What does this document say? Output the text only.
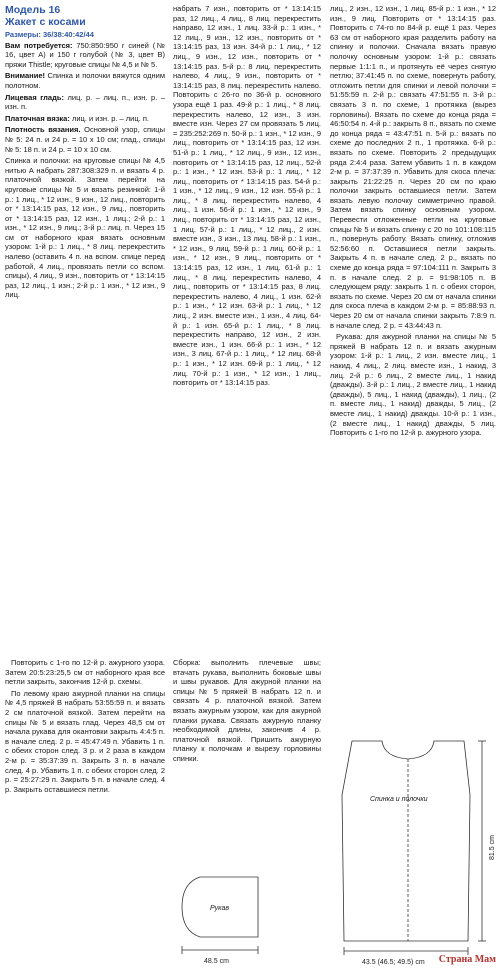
Модель 16
Жакет с косами
Размеры: 36/38:40:42/44
Вам потребуется: 750:850:950 г синей (№ 16, цвет А) и 150 г голубой (№ 3, цвет В) пряжи Thistle; круговые спицы № 4,5 и № 5.
Внимание! Спинка и полочки вяжутся одним полотном.
Лицевая гладь: лиц. р. – лиц. п., изн. р. – изн. п.
Платочная вязка: лиц. и изн. р. – лиц. п.
Плотность вязания. Основной узор, спицы № 5: 24 п. и 24 р. = 10 х 10 см; глад., спицы № 5: 18 п. и 24 р. = 10 х 10 см.

Спинка и полочки: на круговые спицы № 4,5 нитью А набрать 287:308:329 п. и вязать 4 р. платочной вязкой. Затем перейти на круговые спицы № 5 и вязать резинкой: 1-й р.: 1 лиц., * 12 изн., 9 изн., 12 лиц., повторить от * 13:14:15 раз, 12 изн., 9 лиц., повторить от * 13:14:15 раз, 12 изн., 1 лиц.; 2-й р.: 1 изн., * 12 изн., 9 лиц.; 3-й р.: лиц. п. Через 15 см от наборного края вязать основным узором: 1-й р.: 1 лиц., * 8 лиц. перекрестить налево (оставить 4 п. на вспом. спице перед работой, 4 лиц., провязать петли со вспом. спицы), 4 лиц., 9 изн., повторить от * 13:14:15 раз, 12 лиц., 1 изн.; 2-й р.: 1 изн., * 12 изн., 9 лиц.

Повторить с 1-го по 12-й р. ажурного узора. Затем 20:5:23:25,5 см от наборного края все петли закрыть, закончив 12-й р. схемы.

По левому краю ажурной планки на спицы № 4,5 пряжей В набрать 53:55:59 п. и вязать 2 см платочной вязкой. Затем перейти на спицы № 5 и вязать глад. Через 48,5 см от начала рукава для окантовки закрыть 4:4:5 п. в начале след. 2 р. = 45:47:49 п. Убавить 1 п. с обеих сторон след. 3 р. и 2 раза в каждом 2-м р. = 35:37:39 п. Закрыть 3 п. в начале след. 4 р. Убавить 1 п. с обеих сторон след. 2 р. = 25:27:29 п. Закрыть 5 п. в начале след. 4 р. Закрыть оставшиеся петли.

набрать 7 изн., повторить от * 13:14:15 раз, 12 лиц., 4 лиц., 8 лиц. перекрестить направо, 12 изн., 1 лиц. 33-й р.: 1 изн., * 12 лиц., 9 изн., 12 изн., повторить от * 13:14:15 раз, 13 изн. 34-й р.: 1 лиц., * 12 лиц., 9 изн., 12 изн., повторить от * 13:14:15 раз. 5-й р.: 8 лиц. перекрестить налево, 4 лиц., 9 изн., повторить от * 13:14:15 раз, 8 лиц. перекрестить налево. Повторить с 26-го по 36-й р. основного узора ещё 1 раз. 49-й р.: 1 лиц., * 8 лиц. перекрестить налево, 12 изн., 3 изн. вместе изн. Через 27 см провязать 5 лиц. = 235:252:269 п. 50-й р.: 1 изн., * 12 изн., 9 лиц., повторить от * 13:14:15 раз, 12 изн. 51-й р.: 1 лиц., * 12 лиц., 9 изн., 12 изн., повторить от * 13:14:15 раз, 12 лиц., 52-й р.: 1 изн., * 12 изн. 53-й р.: 1 лиц., * 12 лиц., повторить от * 13:14:15 раз. 54-й р.: 1 изн., * 12 лиц., 9 изн., 12 изн. 55-й р.: 1 лиц., * 8 лиц. перекрестить налево, 4 лиц., 1 изн. 56-й р.: 1 изн., * 12 изн., 9 лиц., повторить от * 13:14:15 раз, 12 изн., 1 лиц. 57-й р.: 1 лиц., * 12 лиц., 2 изн. вместе изн., 3 изн., 13 лиц. 58-й р.: 1 изн., * 12 изн., 9 лиц. 59-й р.: 1 лиц. 60-й р.: 1 изн., * 12 изн., 9 лиц., повторить от * 13:14:15 раз, 12 изн., 1 лиц. 61-й р.: 1 лиц., * 8 лиц. перекрестить налево, 4 лиц., повторить от * 13:14:15 раз, 8 лиц. перекрестить налево, 4 лиц., 1 изн. 62-й р.: 1 изн., * 12 изн. 63-й р.: 1 лиц., * 12 лиц., 2 изн. вместе изн., 1 изн., 4 лиц. 64-й р.: 1 изн. 65-й р.: 1 лиц., * 8 лиц. перекрестить направо, 12 изн., 2 изн. вместе изн., 1 изн. 66-й р.: 1 изн., * 12 изн., 3 лиц. 67-й р.: 1 лиц., * 12 лиц. 68-й р.: 1 изн., * 12 изн. 69-й р.: 1 лиц., * 12 лиц. 70-й р.: 1 изн., * 12 изн., 1 лиц., повторить от * 13:14:15 раз.

Сборка: выполнить плечевые швы; втачать рукава, выполнить боковые швы и швы рукавов. Для ажурной планки на спицы № 5 пряжей В набрать 12 п. и связать 4 р. платочной вязкой. Затем вязать ажурным узором, как для ажурной планки рукава. Связать ажурную планку необходимой длины, закончив 4 р. платочной вязкой. Пришить ажурную планку к полочкам и вырезу горловины спинки.

лиц., 2 изн., 12 изн., 1 лиц. 85-й р.: 1 изн., * 12 изн., 9 лиц. Повторить от * 13:14:15 раз. Повторить с 74-го по 84-й р. ещё 1 раз. Через 63 см от наборного края разделить работу на спинку и полочки. Сначала вязать правую полочку основным узором: 1-й р.: связать первые 1:1:1 п., и протянуть её через снятую петлю; 37:41:45 п. по схеме, повернуть работу, отложить петли для спинки и левой полочки = 51:55:59 п. 2-й р.: связать 47:51:55 п. 3-й р.: связать 3 п. по схеме, 1 протяжка (вырез горловины). Вязать по схеме до конца ряда = 46:50:54 п. 4-й р.: закрыть 8 п., вязать по схеме до конца ряда = 43:47:51 п. 5-й р.: вязать по схеме до последних 2 п., 1 протяжка. 6-й р.: вязать по схеме. Повторить 2 предыдущих ряда 2:4:4 раза. Затем убавить 1 п. в каждом 2-м р. = 37:37:39 п. Убавить для скоса плеча: закрыть 21:22:25 п. Через 20 см по краю полочки закрыть оставшиеся петли. Затем вязать левую полочку симметрично правой. Затем вязать спинку основным узором. Перевести отложенные петли на круговые спицы № 5 и вязать спинку с 20 по 101:108:115 п., повернуть работу. Вязать спинку, отложив 52:56:60 п. Оставшиеся петли закрыть. Закрыть 4 п. в начале след. 2 р., вязать по схеме до конца ряда = 97:104:111 п. Закрыть 3 п. в начале след. 2 р. = 91:98:105 п. В следующем ряду: закрыть 1 п. с обеих сторон, вязать по схеме. Через 20 см от начала спинки для скоса плеча в каждом 2-м р. = 85:88:93 п. Через 20 см от начала спинки закрыть 7:8:9 п. в начале след. 2 р. = 43:44:43 п.

Рукава: для ажурной планки на спицы № 5 пряжей В набрать 12 п. и вязать ажурным узором: 1-й р.: 1 лиц., 2 изн. вместе лиц., 1 накид, 4 лиц., 2 лиц. вместе изн., 1 накид, 3 лиц. 2-й р.: 6 лиц., 2 вместе лиц., 1 накид (дважды). 3-й р.: 1 лиц., 2 вместе лиц., 1 накид (дважды), 5 лиц., 1 накид (дважды), 1 лиц., (2 п. вместе лиц., 1 накид) дважды, 5 лиц., (2 вместе лиц., 1 накид) дважды. 10-й р.: 1 изн., (2 вместе лиц., 1 накид) дважды, 5 лиц. Повторить с 1-го по 12-й р. ажурного узора.

Рукав
48.5 cm
Спинка и полочки
43.5 (46.5; 49.5) cm
81.5 cm
Страна Мам
